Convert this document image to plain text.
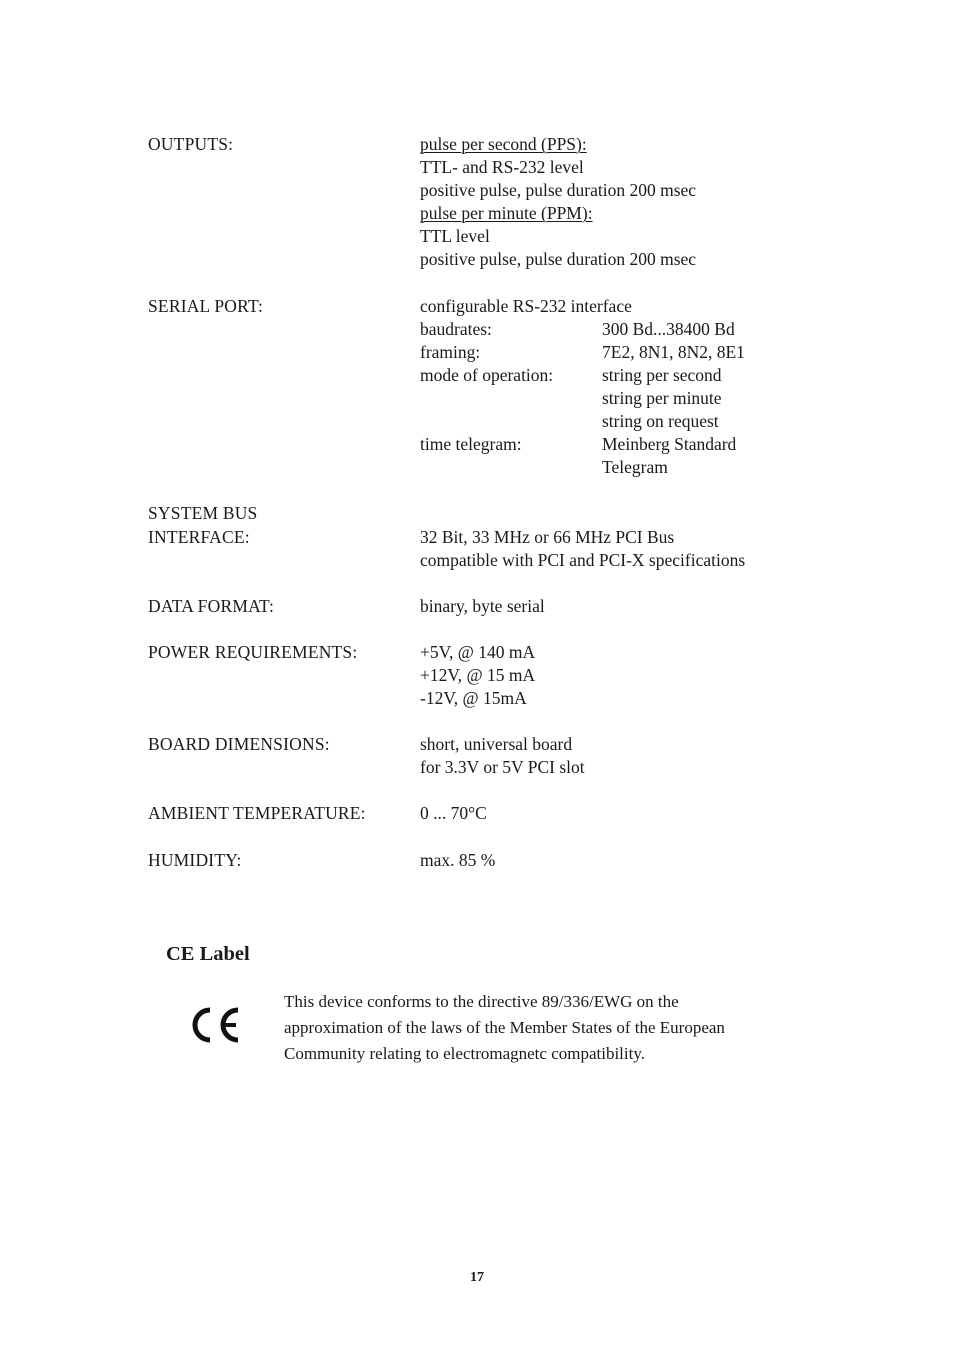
OUTPUTS:	pulse per second (PPS):
TTL- and RS-232 level
positive pulse, pulse duration 200 msec
pulse per minute (PPM):
TTL level
positive pulse, pulse duration 200 msec
SERIAL PORT:	configurable RS-232 interface
baudrates:	300 Bd...38400 Bd
framing:	7E2, 8N1, 8N2, 8E1
mode of operation:	string per second
string per minute
string on request
time telegram:	Meinberg Standard
Telegram
SYSTEM BUS
INTERFACE:	32 Bit, 33 MHz or 66 MHz PCI Bus
compatible with PCI and PCI-X specifications
DATA FORMAT:	binary, byte serial
POWER REQUIREMENTS:	+5V, @ 140 mA
+12V, @ 15 mA
-12V, @ 15mA
BOARD DIMENSIONS:	short, universal board
for 3.3V or 5V PCI slot
AMBIENT TEMPERATURE:	0 ... 70°C
HUMIDITY:	max. 85 %
CE Label
This device conforms to the directive 89/336/EWG on the
approximation of the laws of the Member States of the European
Community relating to electromagnetc compatibility.
17
